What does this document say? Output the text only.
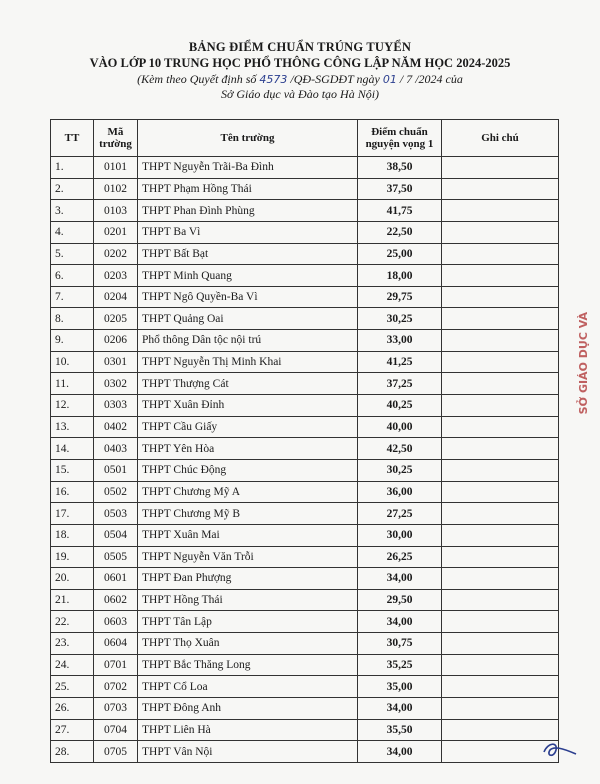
BẢNG ĐIỂM CHUẨN TRÚNG TUYỂN
VÀO LỚP 10 TRUNG HỌC PHỔ THÔNG CÔNG LẬP NĂM HỌC 2024-2025
(Kèm theo Quyết định số 4573 /QĐ-SGDĐT ngày 01 / 7 /2024 của
Sở Giáo dục và Đào tạo Hà Nội)
TT	Mã trường	Tên trường	Điểm chuẩn nguyện vọng 1	Ghi chú
1.	0101	THPT Nguyễn Trãi-Ba Đình	38,50	
2.	0102	THPT Phạm Hồng Thái	37,50	
3.	0103	THPT Phan Đình Phùng	41,75	
4.	0201	THPT Ba Vì	22,50	
5.	0202	THPT Bất Bạt	25,00	
6.	0203	THPT Minh Quang	18,00	
7.	0204	THPT Ngô Quyền-Ba Vì	29,75	
8.	0205	THPT Quảng Oai	30,25	
9.	0206	Phổ thông Dân tộc nội trú	33,00	
10.	0301	THPT Nguyễn Thị Minh Khai	41,25	
11.	0302	THPT Thượng Cát	37,25	
12.	0303	THPT Xuân Đỉnh	40,25	
13.	0402	THPT Cầu Giấy	40,00	
14.	0403	THPT Yên Hòa	42,50	
15.	0501	THPT Chúc Động	30,25	
16.	0502	THPT Chương Mỹ A	36,00	
17.	0503	THPT Chương Mỹ B	27,25	
18.	0504	THPT Xuân Mai	30,00	
19.	0505	THPT Nguyễn Văn Trỗi	26,25	
20.	0601	THPT Đan Phượng	34,00	
21.	0602	THPT Hồng Thái	29,50	
22.	0603	THPT Tân Lập	34,00	
23.	0604	THPT Thọ Xuân	30,75	
24.	0701	THPT Bắc Thăng Long	35,25	
25.	0702	THPT Cổ Loa	35,00	
26.	0703	THPT Đông Anh	34,00	
27.	0704	THPT Liên Hà	35,50	
28.	0705	THPT Vân Nội	34,00	
SỞ GIÁO DỤC VÀ
